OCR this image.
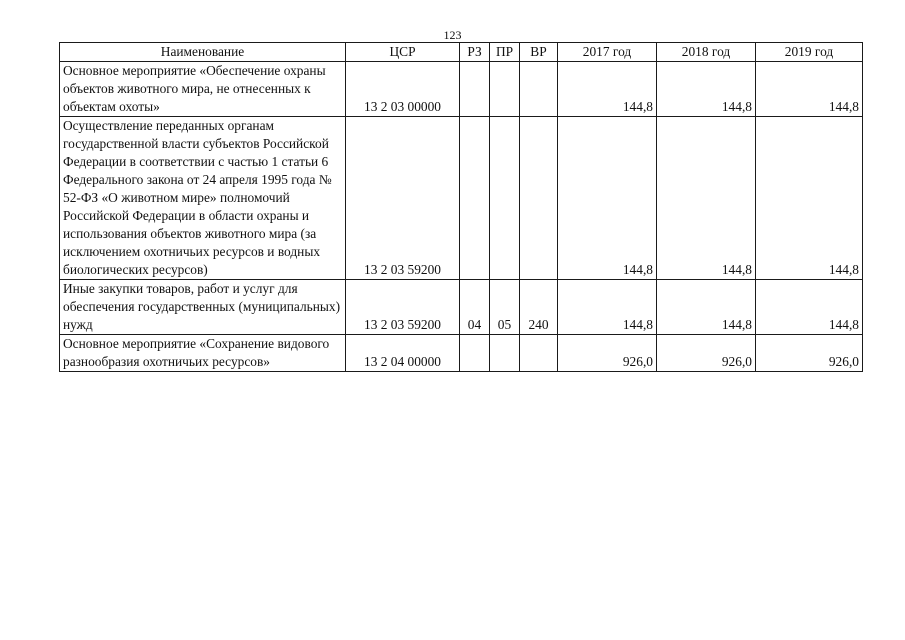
123
Наименование	ЦСР	РЗ	ПР	ВР	2017 год	2018 год	2019 год
Основное мероприятие «Обеспечение охраны объектов животного мира, не отнесенных к объектам охоты»	13 2 03 00000				144,8	144,8	144,8
Осуществление переданных органам государственной власти субъектов Российской Федерации в соответствии с частью 1 статьи 6 Федерального закона от 24 апреля 1995 года № 52-ФЗ «О животном мире» полномочий Российской Федерации в области охраны и использования объектов животного мира (за исключением охотничьих ресурсов и водных биологических ресурсов)	13 2 03 59200				144,8	144,8	144,8
Иные закупки товаров, работ и услуг для обеспечения государственных (муниципальных) нужд	13 2 03 59200	04	05	240	144,8	144,8	144,8
Основное мероприятие «Сохранение видового разнообразия охотничьих ресурсов»	13 2 04 00000				926,0	926,0	926,0
